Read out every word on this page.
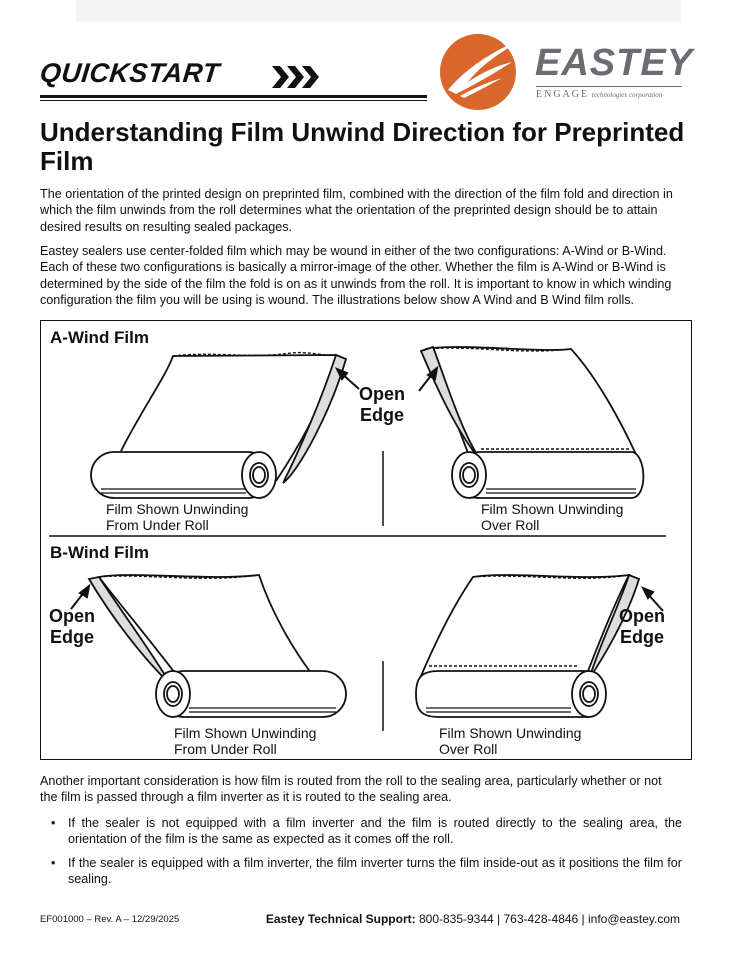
QUICKSTART	EASTEY
ENGAGE technologies corporation
Understanding Film Unwind Direction for Preprinted Film

The orientation of the printed design on preprinted film, combined with the direction of the film fold and direction in which the film unwinds from the roll determines what the orientation of the preprinted design should be to attain desired results on resulting sealed packages.

Eastey sealers use center-folded film which may be wound in either of the two configurations: A-Wind or B-Wind. Each of these two configurations is basically a mirror-image of the other. Whether the film is A-Wind or B-Wind is determined by the side of the film the fold is on as it unwinds from the roll. It is important to know in which winding configuration the film you will be using is wound. The illustrations below show A Wind and B Wind film rolls.

A-Wind Film
B-Wind Film
Open
Edge
Open
Edge
Open
Edge
Film Shown Unwinding
From Under Roll
Film Shown Unwinding
Over Roll
Film Shown Unwinding
From Under Roll
Film Shown Unwinding
Over Roll

Another important consideration is how film is routed from the roll to the sealing area, particularly whether or not the film is passed through a film inverter as it is routed to the sealing area.

• If the sealer is not equipped with a film inverter and the film is routed directly to the sealing area, the orientation of the film is the same as expected as it comes off the roll.
• If the sealer is equipped with a film inverter, the film inverter turns the film inside-out as it positions the film for sealing.
EF001000 – Rev. A – 12/29/2025	Eastey Technical Support: 800-835-9344 | 763-428-4846 | info@eastey.com
